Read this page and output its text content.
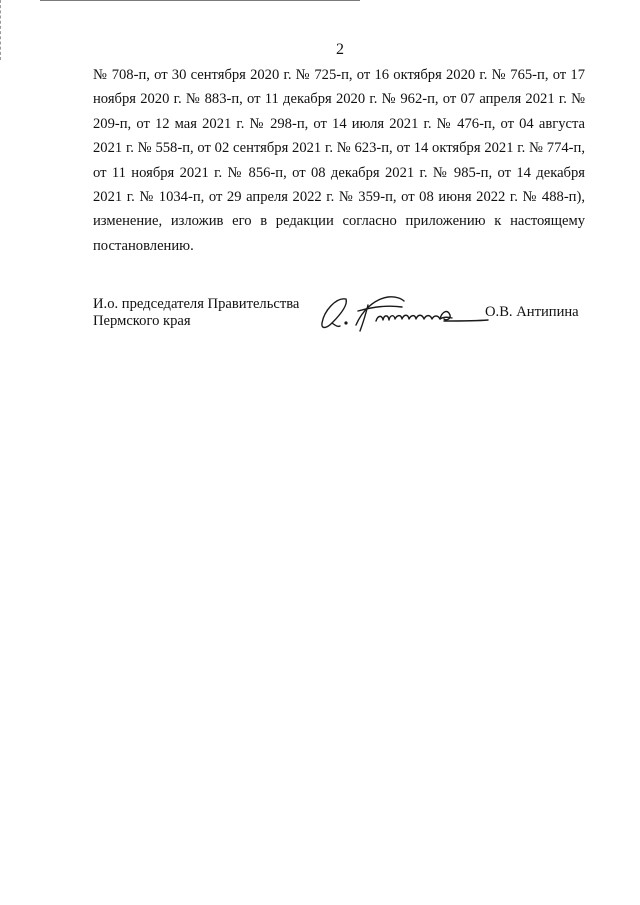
2

№ 708-п, от 30 сентября 2020 г. № 725-п, от 16 октября 2020 г. № 765-п, от 17 ноября 2020 г. № 883-п, от 11 декабря 2020 г. № 962-п, от 07 апреля 2021 г. № 209-п, от 12 мая 2021 г. № 298-п, от 14 июля 2021 г. № 476-п, от 04 августа 2021 г. № 558-п, от 02 сентября 2021 г. № 623-п, от 14 октября 2021 г. № 774-п, от 11 ноября 2021 г. № 856-п, от 08 декабря 2021 г. № 985-п, от 14 декабря 2021 г. № 1034-п, от 29 апреля 2022 г. № 359-п, от 08 июня 2022 г. № 488-п), изменение, изложив его в редакции согласно приложению к настоящему постановлению.

И.о. председателя Правительства
Пермского края
О.В. Антипина
